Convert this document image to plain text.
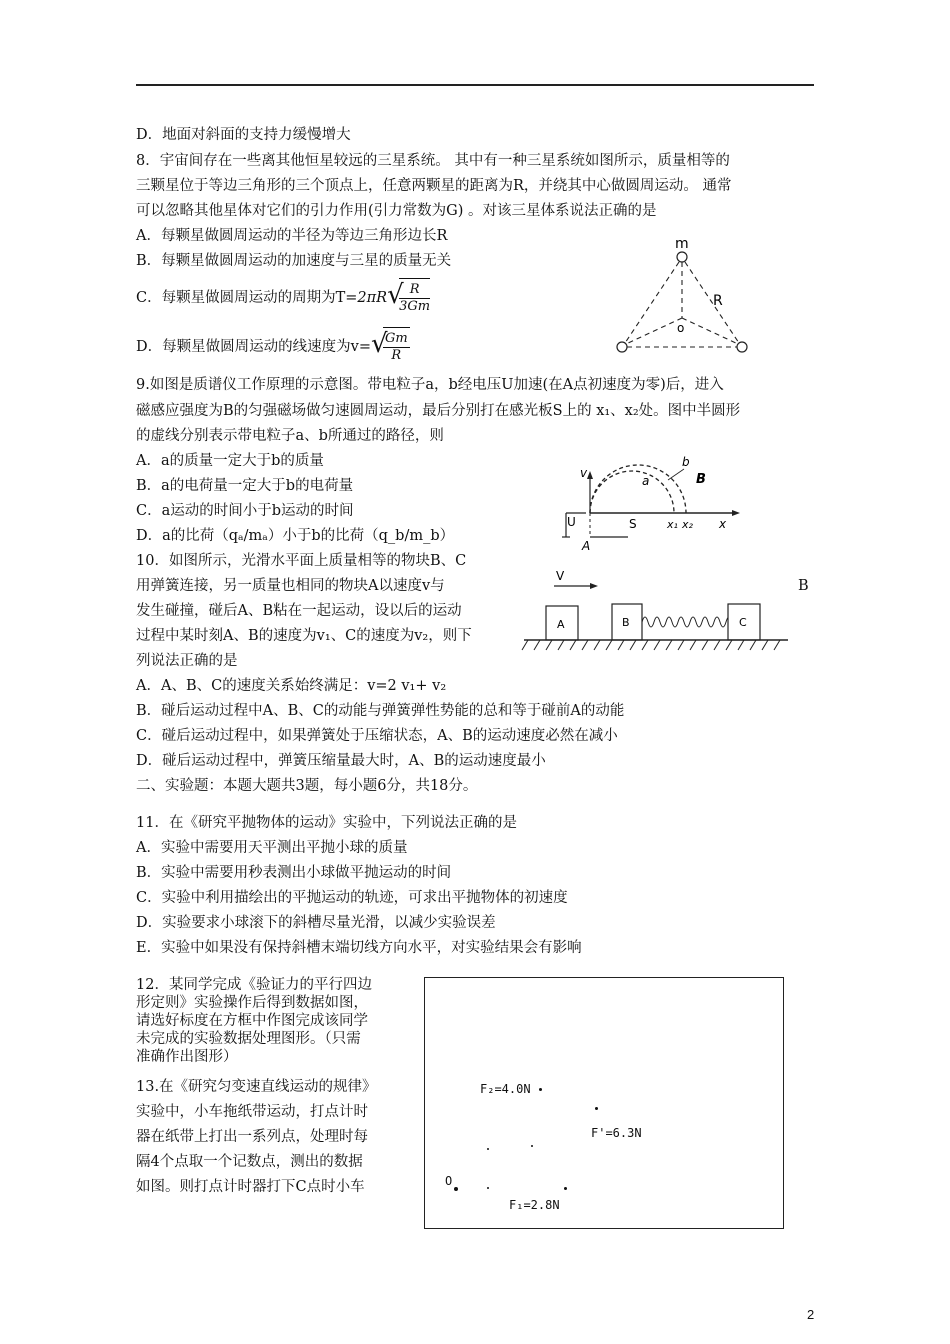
D．地面对斜面的支持力缓慢增大
8．宇宙间存在一些离其他恒星较远的三星系统。 其中有一种三星系统如图所示，质量相等的
三颗星位于等边三角形的三个顶点上，任意两颗星的距离为R，并绕其中心做圆周运动。 通常
可以忽略其他星体对它们的引力作用(引力常数为G) 。对该三星体系说法正确的是
A．每颗星做圆周运动的半径为等边三角形边长R
B．每颗星做圆周运动的加速度与三星的质量无关
C．每颗星做圆周运动的周期为T=2πR √
$\frac{R}{3Gm}$
D．每颗星做圆周运动的线速度为v= √
$\frac{Gm}{R}$
m
R
o
9.如图是质谱仪工作原理的示意图。带电粒子a，b经电压U加速(在A点初速度为零)后，进入
磁感应强度为B的匀强磁场做匀速圆周运动，最后分别打在感光板S上的 x₁、x₂处。图中半圆形
的虚线分别表示带电粒子a、b所通过的路径，则
A．a的质量一定大于b的质量
B．a的电荷量一定大于b的电荷量
C．a运动的时间小于b运动的时间
D．a的比荷（qₐ/mₐ）小于b的比荷（q_b/m_b）
v
a
b
B
x
S	x₁ x₂
U
A
10．如图所示，光滑水平面上质量相等的物块B、C
用弹簧连接，另一质量也相同的物块A以速度v与
发生碰撞，碰后A、B粘在一起运动，设以后的运动
过程中某时刻A、B的速度为v₁、C的速度为v₂，则下
列说法正确的是
B
V
A	B	C
A．A、B、C的速度关系始终满足：v=2 v₁+ v₂
B．碰后运动过程中A、B、C的动能与弹簧弹性势能的总和等于碰前A的动能
C．碰后运动过程中，如果弹簧处于压缩状态，A、B的运动速度必然在减小
D．碰后运动过程中，弹簧压缩量最大时，A、B的运动速度最小
二、实验题：本题大题共3题，每小题6分，共18分。
11．在《研究平抛物体的运动》实验中，下列说法正确的是
A．实验中需要用天平测出平抛小球的质量
B．实验中需要用秒表测出小球做平抛运动的时间
C．实验中利用描绘出的平抛运动的轨迹，可求出平抛物体的初速度
D．实验要求小球滚下的斜槽尽量光滑，以减少实验误差
E．实验中如果没有保持斜槽末端切线方向水平，对实验结果会有影响
12．某同学完成《验证力的平行四边
形定则》实验操作后得到数据如图，
请选好标度在方框中作图完成该同学
未完成的实验数据处理图形。（只需
准确作出图形）
13.在《研究匀变速直线运动的规律》
实验中，小车拖纸带运动，打点计时
器在纸带上打出一系列点，处理时每
隔4个点取一个记数点，测出的数据
如图。则打点计时器打下C点时小车
F₂=4.0N
F'=6.3N
O
F₁=2.8N
2
